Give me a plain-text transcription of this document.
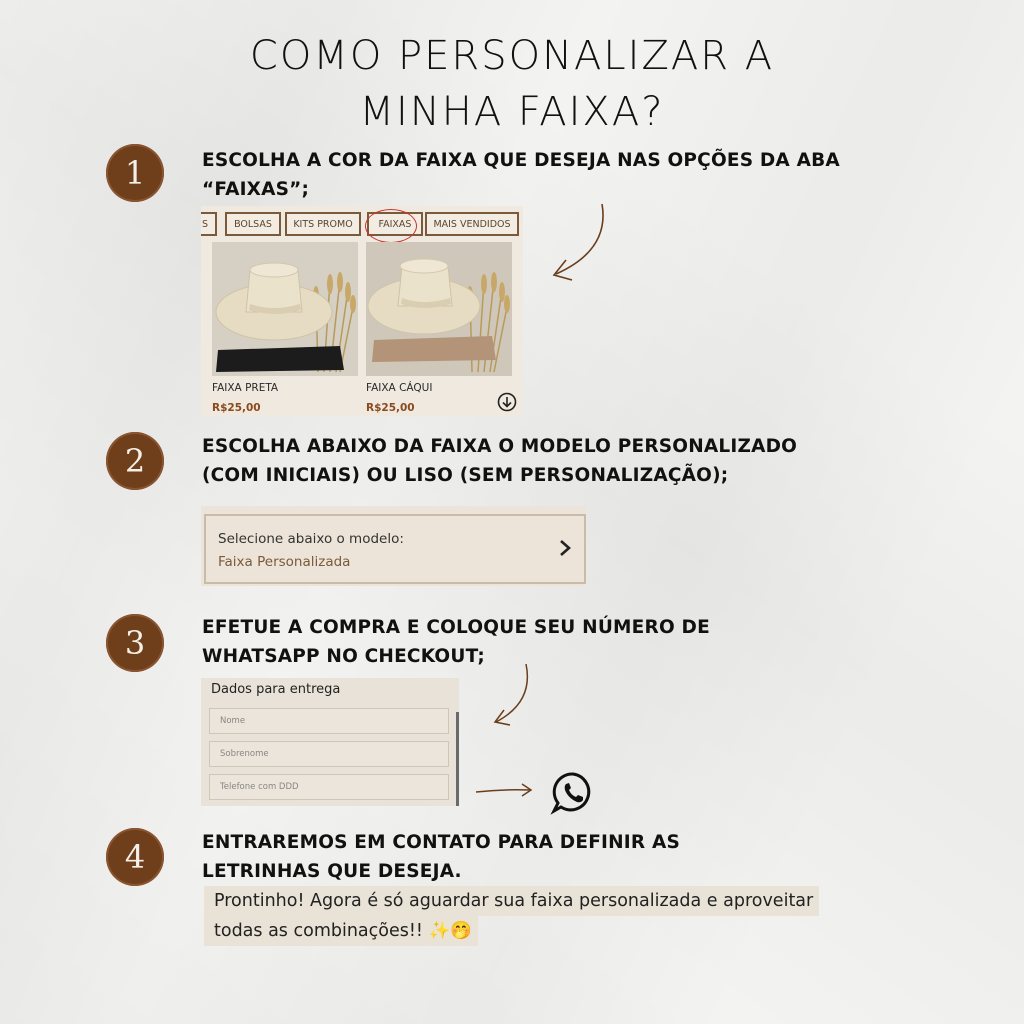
COMO PERSONALIZAR A
MINHA FAIXA?
1	ESCOLHA A COR DA FAIXA QUE DESEJA NAS OPÇÕES DA ABA
“FAIXAS”;
S	BOLSAS	KITS PROMO	FAIXAS	MAIS VENDIDOS
FAIXA PRETA
R$25,00
FAIXA CÁQUI
R$25,00
2	ESCOLHA ABAIXO DA FAIXA O MODELO PERSONALIZADO
(COM INICIAIS) OU LISO (SEM PERSONALIZAÇÃO);
Selecione abaixo o modelo:
Faixa Personalizada
3	EFETUE A COMPRA E COLOQUE SEU NÚMERO DE
WHATSAPP NO CHECKOUT;
Dados para entrega
Nome
Sobrenome
Telefone com DDD
4	ENTRAREMOS EM CONTATO PARA DEFINIR AS
LETRINHAS QUE DESEJA.
Prontinho! Agora é só aguardar sua faixa personalizada e aproveitar
todas as combinações!! ✨🤭
